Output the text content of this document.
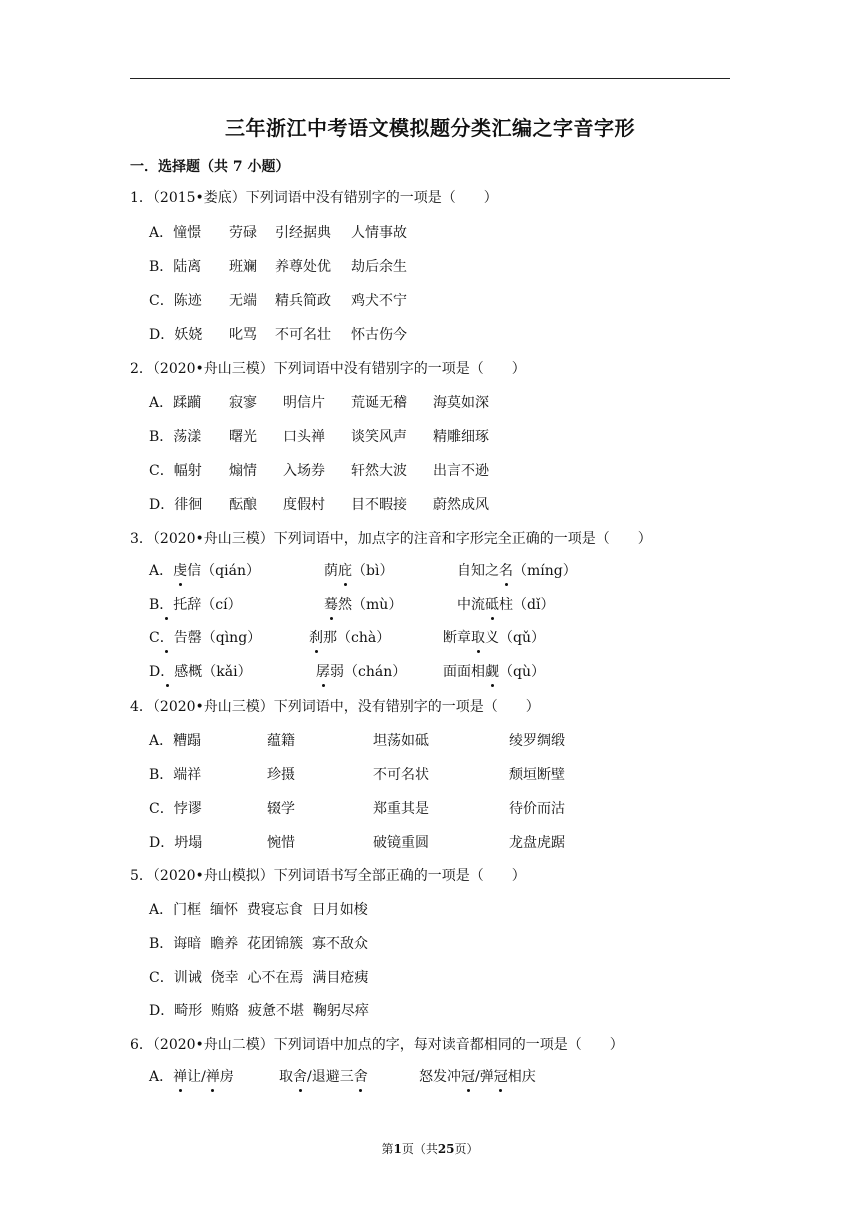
三年浙江中考语文模拟题分类汇编之字音字形
一．选择题（共 7 小题）
1．（2015•娄底）下列词语中没有错别字的一项是（　　）
A．憧憬 劳碌 引经据典 人情事故
B．陆离 班斓 养尊处优 劫后余生
C．陈迹 无端 精兵简政 鸡犬不宁
D．妖娆 叱骂 不可名壮 怀古伤今
2．（2020•舟山三模）下列词语中没有错别字的一项是（　　）
A．蹂躏 寂寥 明信片 荒诞无稽 海莫如深
B．荡漾 曙光 口头禅 谈笑风声 精雕细琢
C．幅射 煽情 入场券 轩然大波 出言不逊
D．徘徊 酝酿 度假村 目不暇接 蔚然成风
3．（2020•舟山三模）下列词语中，加点字的注音和字形完全正确的一项是（　　）
A．虔信（qián）	荫庇（bì）	自知之名（míng）
B．托辞（cí）	蓦然（mù）	中流砥柱（dǐ）
C．告罄（qìng）	刹那（chà）	断章取义（qǔ）
D．感概（kǎi）	孱弱（chán）	面面相觑（qù）
4．（2020•舟山三模）下列词语中，没有错别字的一项是（　　）
A．糟蹋	蕴籍	坦荡如砥	绫罗绸缎
B．端祥	珍摄	不可名状	颓垣断壁
C．悖谬	辍学	郑重其是	待价而沽
D．坍塌	惋惜	破镜重圆	龙盘虎踞
5．（2020•舟山模拟）下列词语书写全部正确的一项是（　　）
A．门框  缅怀  费寝忘食  日月如梭
B．诲暗  瞻养  花团锦簇  寡不敌众
C．训诫  侥幸  心不在焉  满目疮痍
D．畸形  贿赂  疲惫不堪  鞠躬尽瘁
6．（2020•舟山二模）下列词语中加点的字，每对读音都相同的一项是（　　）
A．禅让/禅房	取舍/退避三舍	怒发冲冠/弹冠相庆
第1页（共25页）
